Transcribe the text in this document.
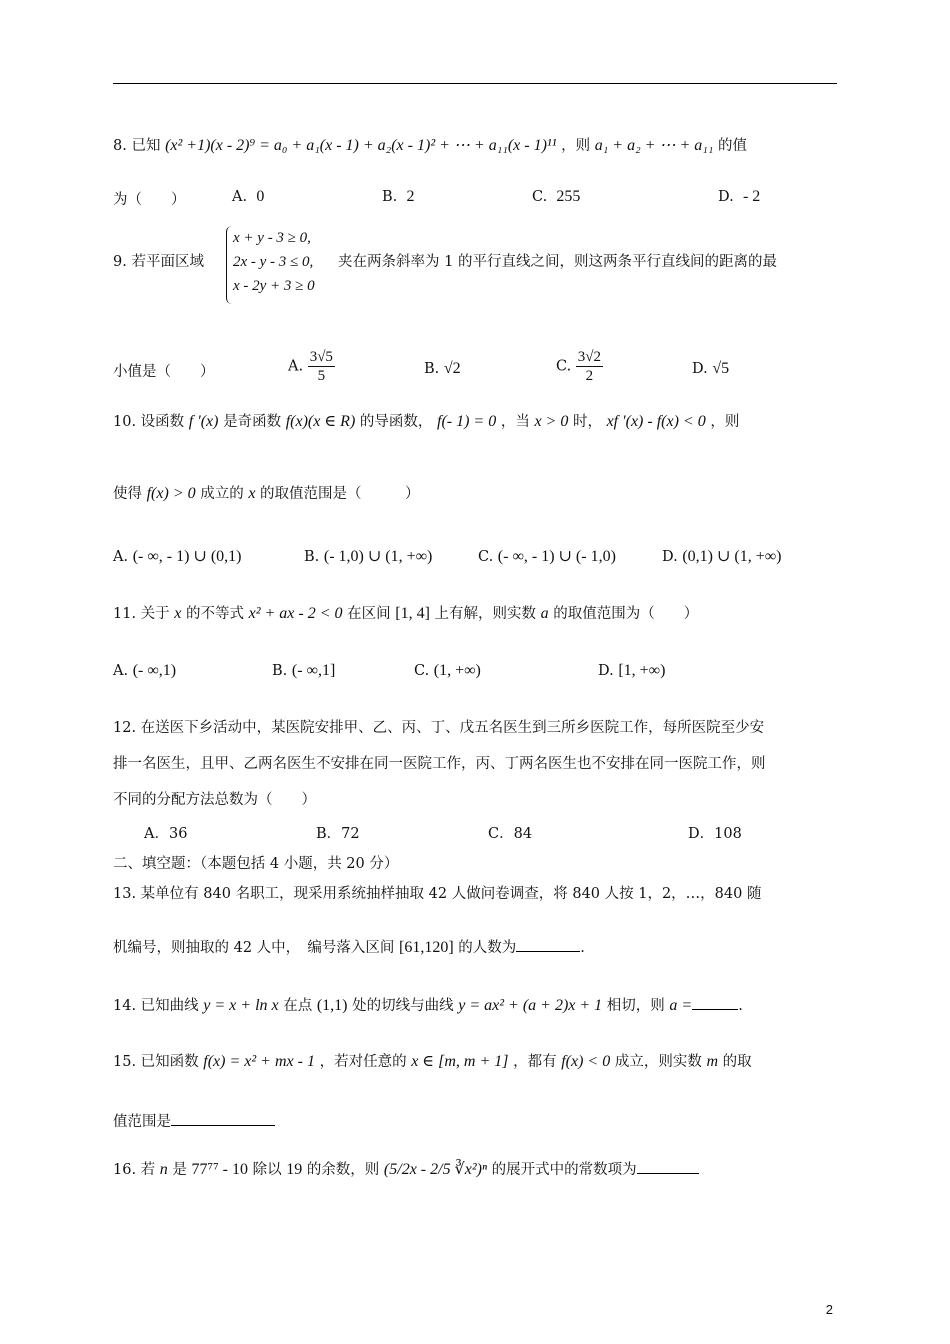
8. 已知 (x² +1)(x - 2)⁹ = a₀ + a₁(x - 1) + a₂(x - 1)² + ⋯ + a₁₁(x - 1)¹¹ ，则 a₁ + a₂ + ⋯ + a₁₁ 的值
为（　　）	A. 0	B. 2	C. 255	D. - 2
9. 若平面区域
x + y - 3 ≥ 0,
2x - y - 3 ≤ 0,
x - 2y + 3 ≥ 0
夹在两条斜率为 1 的平行直线之间，则这两条平行直线间的距离的最
小值是（　　）	A. $\frac{3√5}{5}$	B. √2	C. $\frac{3√2}{2}$	D. √5
10. 设函数 f ′(x) 是奇函数 f(x)(x ∈ R) 的导函数， f(- 1) = 0 ，当 x > 0 时， xf ′(x) - f(x) < 0 ，则
使得 f(x) > 0 成立的 x 的取值范围是（　　　）
A. (- ∞, - 1) ∪ (0,1)	B. (- 1,0) ∪ (1, +∞)	C. (- ∞, - 1) ∪ (- 1,0)	D. (0,1) ∪ (1, +∞)
11. 关于 x 的不等式 x² + ax - 2 < 0 在区间 [1, 4] 上有解，则实数 a 的取值范围为（　　）
A. (- ∞,1)	B. (- ∞,1]	C. (1, +∞)	D. [1, +∞)
12. 在送医下乡活动中，某医院安排甲、乙、丙、丁、戊五名医生到三所乡医院工作，每所医院至少安
排一名医生，且甲、乙两名医生不安排在同一医院工作，丙、丁两名医生也不安排在同一医院工作，则
不同的分配方法总数为（　　）
A．36	B．72	C．84	D．108
二、填空题：（本题包括 4 小题，共 20 分）
13. 某单位有 840 名职工，现采用系统抽样抽取 42 人做问卷调查，将 840 人按 1，2，…，840 随
机编号，则抽取的 42 人中，　编号落入区间 [61,120] 的人数为	.
14. 已知曲线 y = x + ln x 在点 (1,1) 处的切线与曲线 y = ax² + (a + 2)x + 1 相切，则 a =	.
15. 已知函数 f(x) = x² + mx - 1 ，若对任意的 x ∈ [m, m + 1] ，都有 f(x) < 0 成立，则实数 m 的取
值范围是
16. 若 n 是 77⁷⁷ - 10 除以 19 的余数，则 (5/2x - 2/5 ∛x²)ⁿ 的展开式中的常数项为
2
